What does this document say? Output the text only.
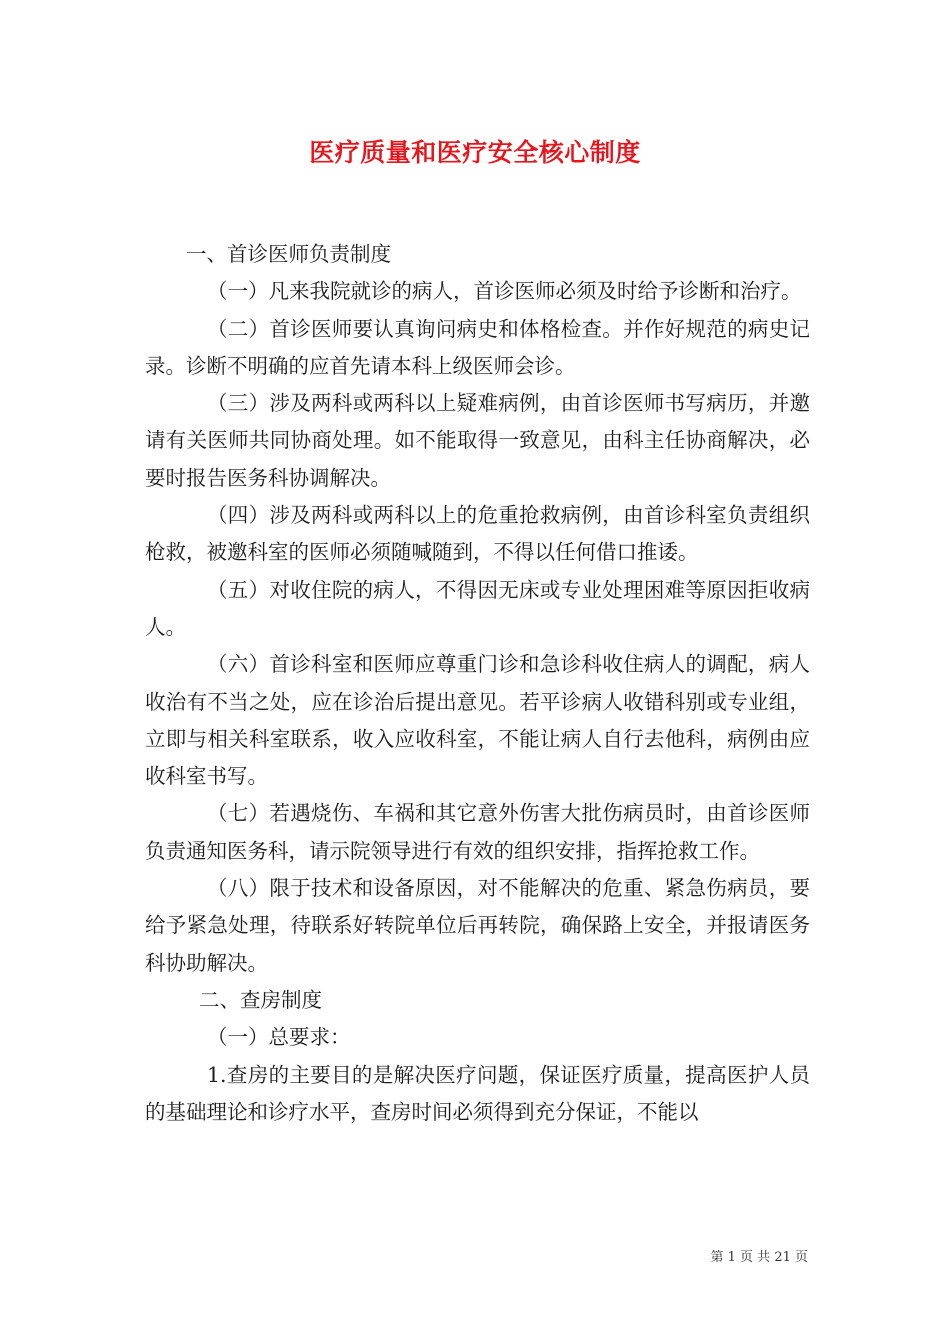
医疗质量和医疗安全核心制度

一、首诊医师负责制度

（一）凡来我院就诊的病人，首诊医师必须及时给予诊断和治疗。

（二）首诊医师要认真询问病史和体格检查。并作好规范的病史记录。诊断不明确的应首先请本科上级医师会诊。

（三）涉及两科或两科以上疑难病例，由首诊医师书写病历，并邀请有关医师共同协商处理。如不能取得一致意见，由科主任协商解决，必要时报告医务科协调解决。

（四）涉及两科或两科以上的危重抢救病例，由首诊科室负责组织枪救，被邀科室的医师必须随喊随到，不得以任何借口推诿。

（五）对收住院的病人，不得因无床或专业处理困难等原因拒收病人。

（六）首诊科室和医师应尊重门诊和急诊科收住病人的调配，病人收治有不当之处，应在诊治后提出意见。若平诊病人收错科别或专业组，立即与相关科室联系，收入应收科室，不能让病人自行去他科，病例由应收科室书写。

（七）若遇烧伤、车祸和其它意外伤害大批伤病员时，由首诊医师负责通知医务科，请示院领导进行有效的组织安排，指挥抢救工作。

（八）限于技术和设备原因，对不能解决的危重、紧急伤病员，要给予紧急处理，待联系好转院单位后再转院，确保路上安全，并报请医务科协助解决。

二、查房制度

（一）总要求：

1.查房的主要目的是解决医疗问题，保证医疗质量，提高医护人员的基础理论和诊疗水平，查房时间必须得到充分保证，不能以

第 1 页 共 21 页
